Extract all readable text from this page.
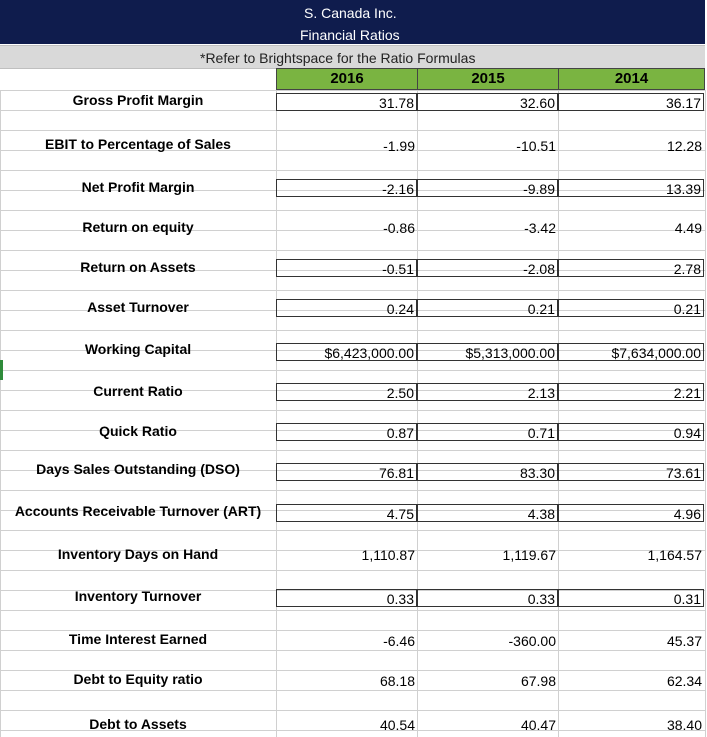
S. Canada Inc.
Financial Ratios
*Refer to Brightspace for the Ratio Formulas
2016	2015	2014
Gross Profit Margin	31.78	32.60	36.17
EBIT to Percentage of Sales	-1.99	-10.51	12.28
Net Profit Margin	-2.16	-9.89	13.39
Return on equity	-0.86	-3.42	4.49
Return on Assets	-0.51	-2.08	2.78
Asset Turnover	0.24	0.21	0.21
Working Capital	$6,423,000.00	$5,313,000.00	$7,634,000.00
Current Ratio	2.50	2.13	2.21
Quick Ratio	0.87	0.71	0.94
Days Sales Outstanding (DSO)	76.81	83.30	73.61
Accounts Receivable Turnover (ART)	4.75	4.38	4.96
Inventory Days on Hand	1,110.87	1,119.67	1,164.57
Inventory Turnover	0.33	0.33	0.31
Time Interest Earned	-6.46	-360.00	45.37
Debt to Equity ratio	68.18	67.98	62.34
Debt to Assets	40.54	40.47	38.40
